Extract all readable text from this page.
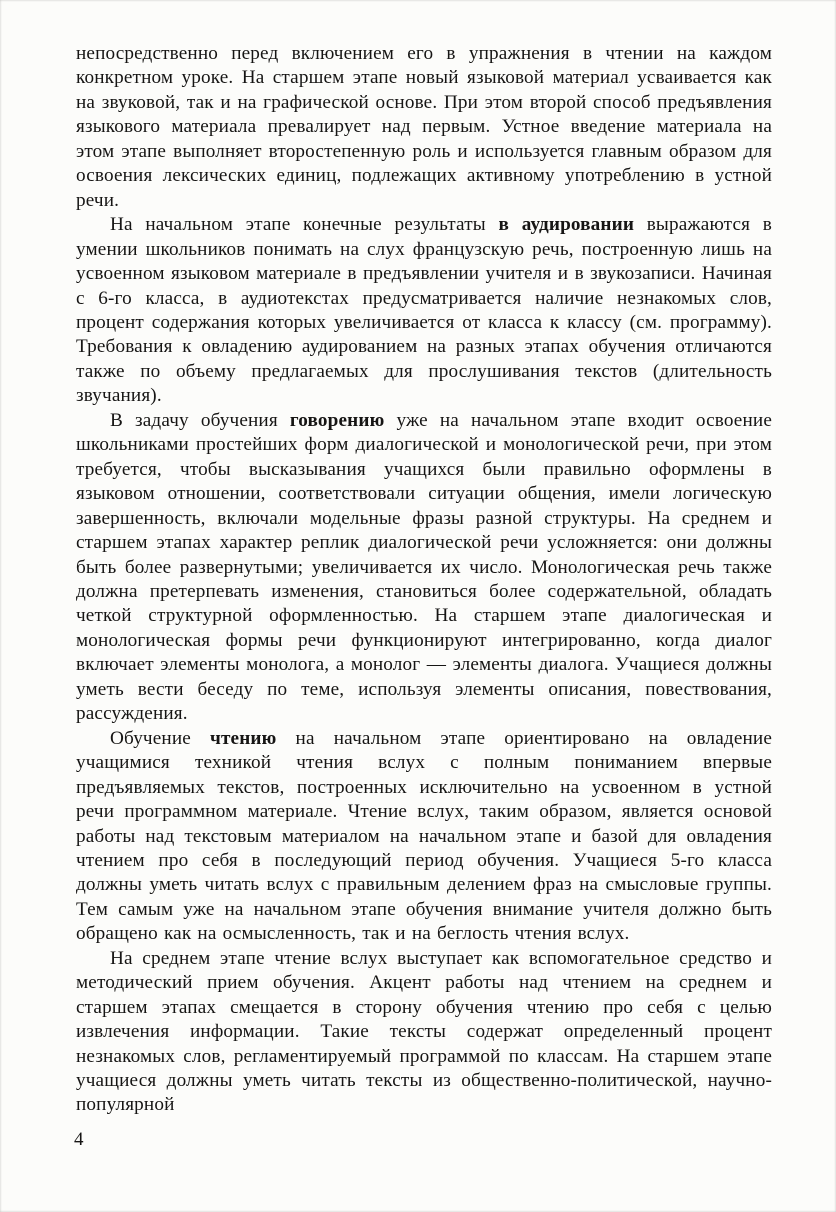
непосредственно перед включением его в упражнения в чтении на каждом конкретном уроке. На старшем этапе новый языковой материал усваивается как на звуковой, так и на графической основе. При этом второй способ предъявления языкового материала превалирует над первым. Устное введение материала на этом этапе выполняет второстепенную роль и используется главным образом для освоения лексических единиц, подлежащих активному употреблению в устной речи.

На начальном этапе конечные результаты в аудировании выражаются в умении школьников понимать на слух французскую речь, построенную лишь на усвоенном языковом материале в предъявлении учителя и в звукозаписи. Начиная с 6-го класса, в аудиотекстах предусматривается наличие незнакомых слов, процент содержания которых увеличивается от класса к классу (см. программу). Требования к овладению аудированием на разных этапах обучения отличаются также по объему предлагаемых для прослушивания текстов (длительность звучания).

В задачу обучения говорению уже на начальном этапе входит освоение школьниками простейших форм диалогической и монологической речи, при этом требуется, чтобы высказывания учащихся были правильно оформлены в языковом отношении, соответствовали ситуации общения, имели логическую завершенность, включали модельные фразы разной структуры. На среднем и старшем этапах характер реплик диалогической речи усложняется: они должны быть более развернутыми; увеличивается их число. Монологическая речь также должна претерпевать изменения, становиться более содержательной, обладать четкой структурной оформленностью. На старшем этапе диалогическая и монологическая формы речи функционируют интегрированно, когда диалог включает элементы монолога, а монолог — элементы диалога. Учащиеся должны уметь вести беседу по теме, используя элементы описания, повествования, рассуждения.

Обучение чтению на начальном этапе ориентировано на овладение учащимися техникой чтения вслух с полным пониманием впервые предъявляемых текстов, построенных исключительно на усвоенном в устной речи программном материале. Чтение вслух, таким образом, является основой работы над текстовым материалом на начальном этапе и базой для овладения чтением про себя в последующий период обучения. Учащиеся 5-го класса должны уметь читать вслух с правильным делением фраз на смысловые группы. Тем самым уже на начальном этапе обучения внимание учителя должно быть обращено как на осмысленность, так и на беглость чтения вслух.

На среднем этапе чтение вслух выступает как вспомогательное средство и методический прием обучения. Акцент работы над чтением на среднем и старшем этапах смещается в сторону обучения чтению про себя с целью извлечения информации. Такие тексты содержат определенный процент незнакомых слов, регламентируемый программой по классам. На старшем этапе учащиеся должны уметь читать тексты из общественно-политической, научно-популярной

4
